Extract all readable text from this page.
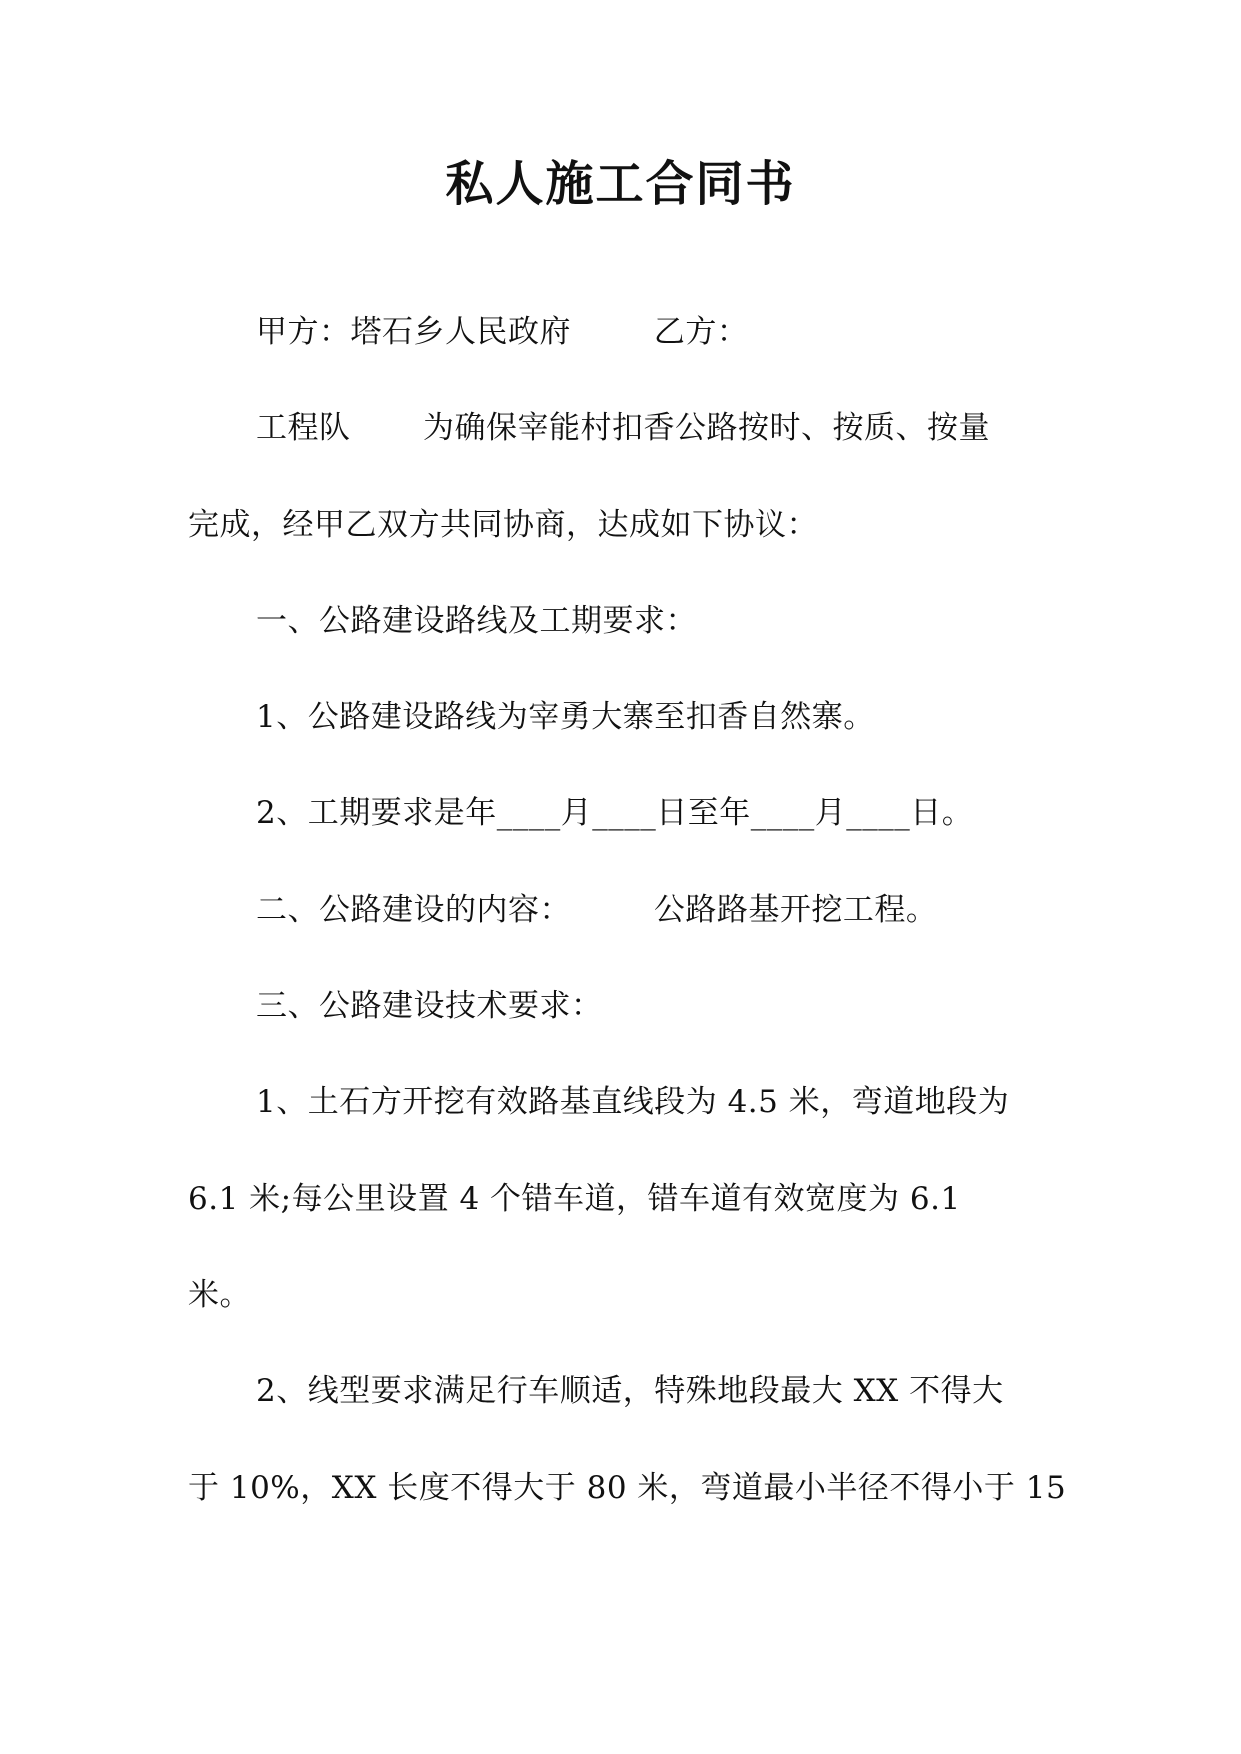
私人施工合同书
甲方：塔石乡人民政府        乙方：
工程队       为确保宰能村扣香公路按时、按质、按量
完成，经甲乙双方共同协商，达成如下协议：
一、公路建设路线及工期要求：
1、公路建设路线为宰勇大寨至扣香自然寨。
2、工期要求是年____月____日至年____月____日。
二、公路建设的内容：        公路路基开挖工程。
三、公路建设技术要求：
1、土石方开挖有效路基直线段为 4.5 米，弯道地段为
6.1 米;每公里设置 4 个错车道，错车道有效宽度为 6.1
米。
2、线型要求满足行车顺适，特殊地段最大 XX 不得大
于 10%，XX 长度不得大于 80 米，弯道最小半径不得小于 15
